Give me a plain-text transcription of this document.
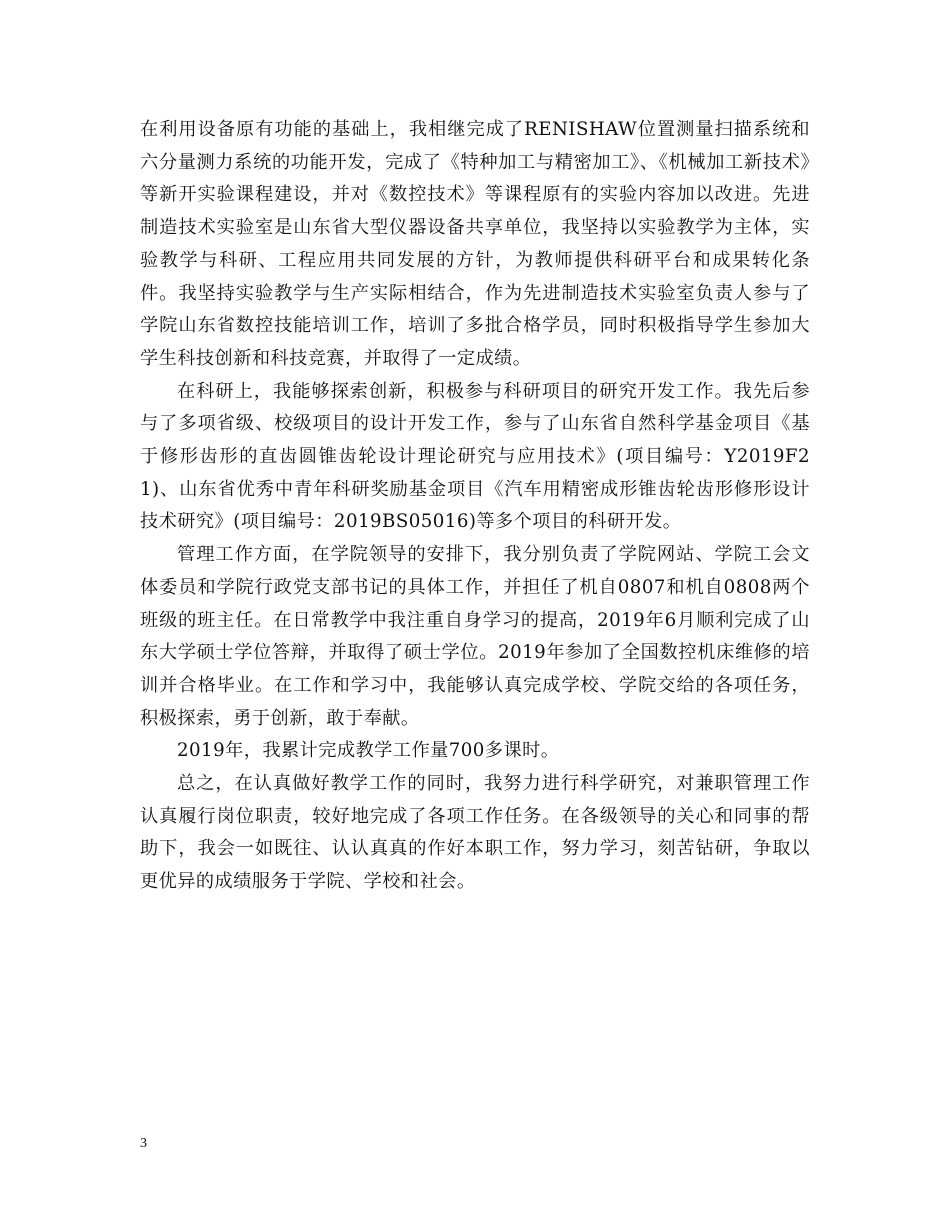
在利用设备原有功能的基础上，我相继完成了RENISHAW位置测量扫描系统和六分量测力系统的功能开发，完成了《特种加工与精密加工》、《机械加工新技术》等新开实验课程建设，并对《数控技术》等课程原有的实验内容加以改进。先进制造技术实验室是山东省大型仪器设备共享单位，我坚持以实验教学为主体，实验教学与科研、工程应用共同发展的方针，为教师提供科研平台和成果转化条件。我坚持实验教学与生产实际相结合，作为先进制造技术实验室负责人参与了学院山东省数控技能培训工作，培训了多批合格学员，同时积极指导学生参加大学生科技创新和科技竞赛，并取得了一定成绩。

在科研上，我能够探索创新，积极参与科研项目的研究开发工作。我先后参与了多项省级、校级项目的设计开发工作，参与了山东省自然科学基金项目《基于修形齿形的直齿圆锥齿轮设计理论研究与应用技术》(项目编号：Y2019F21)、山东省优秀中青年科研奖励基金项目《汽车用精密成形锥齿轮齿形修形设计技术研究》(项目编号：2019BS05016)等多个项目的科研开发。

管理工作方面，在学院领导的安排下，我分别负责了学院网站、学院工会文体委员和学院行政党支部书记的具体工作，并担任了机自0807和机自0808两个班级的班主任。在日常教学中我注重自身学习的提高，2019年6月顺利完成了山东大学硕士学位答辩，并取得了硕士学位。2019年参加了全国数控机床维修的培训并合格毕业。在工作和学习中，我能够认真完成学校、学院交给的各项任务，积极探索，勇于创新，敢于奉献。

2019年，我累计完成教学工作量700多课时。

总之，在认真做好教学工作的同时，我努力进行科学研究，对兼职管理工作认真履行岗位职责，较好地完成了各项工作任务。在各级领导的关心和同事的帮助下，我会一如既往、认认真真的作好本职工作，努力学习，刻苦钻研，争取以更优异的成绩服务于学院、学校和社会。

3
